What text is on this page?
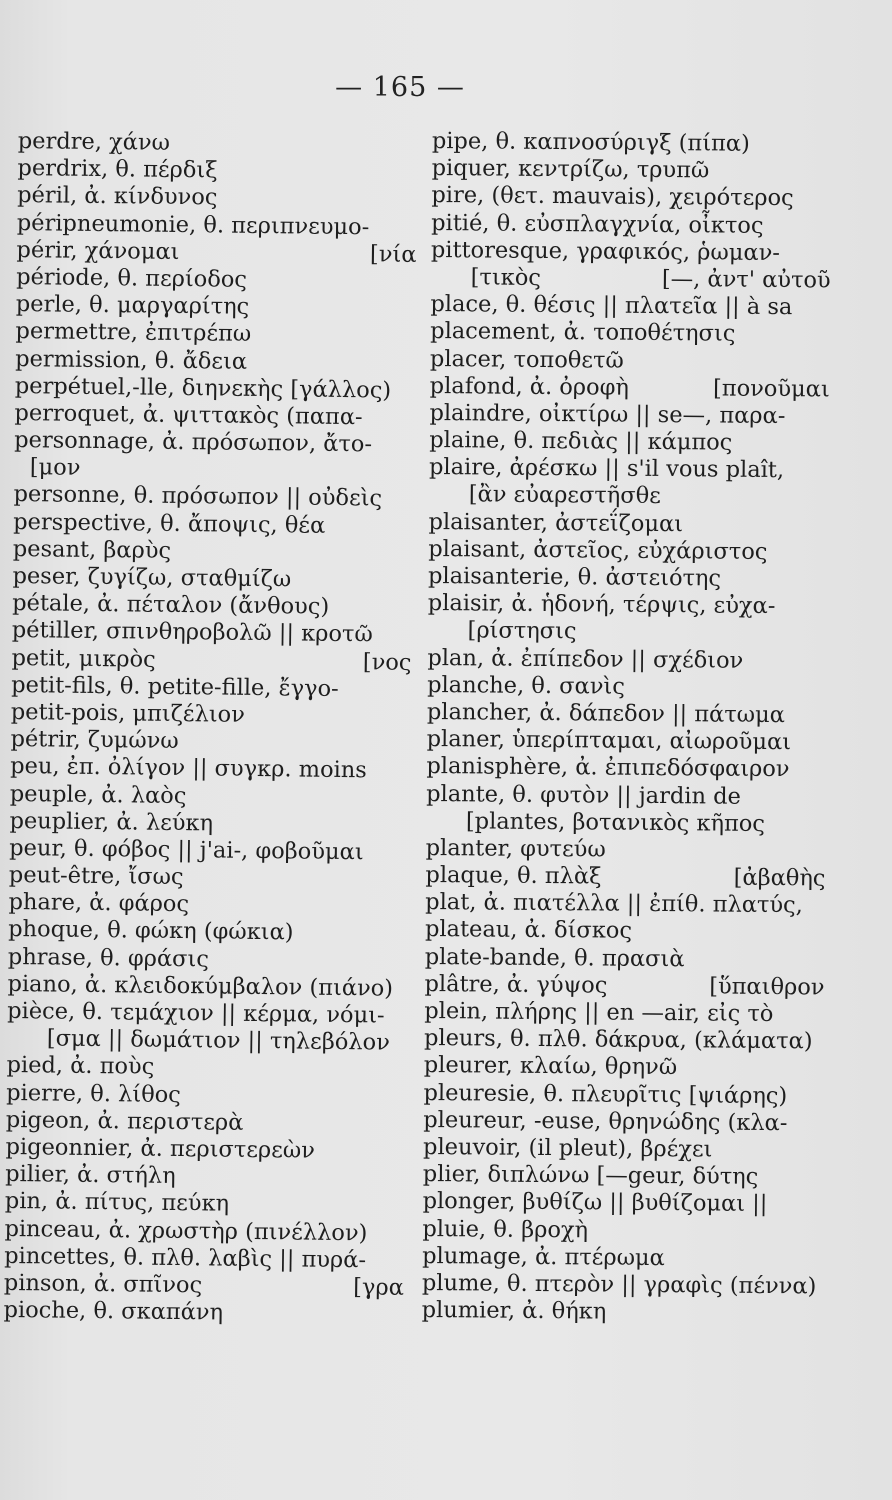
— 165 —
perdre, χάνω
perdrix, θ. πέρδιξ
péril, ἀ. κίνδυνος
péripneumonie, θ. περιπνευμο-
[νία
périr, χάνομαι
période, θ. περίοδος
perle, θ. μαργαρίτης
permettre, ἐπιτρέπω
permission, θ. ἄδεια
perpétuel,-lle, διηνεκὴς [γάλλος)
perroquet, ἀ. ψιττακὸς (παπα-
personnage, ἀ. πρόσωπον, ἄτο-
[μον
personne, θ. πρόσωπον || οὐδεὶς
perspective, θ. ἄποψις, θέα
pesant, βαρὺς
peser, ζυγίζω, σταθμίζω
pétale, ἀ. πέταλον (ἄνθους)
pétiller, σπινθηροβολῶ || κροτῶ
[νος
petit, μικρὸς
petit-fils, θ. petite-fille, ἔγγο-
petit-pois, μπιζέλιον
pétrir, ζυμώνω
peu, ἐπ. ὀλίγον || συγκρ. moins
peuple, ἀ. λαὸς
peuplier, ἀ. λεύκη
peur, θ. φόβος || j'ai-, φοβοῦμαι
peut-être, ἴσως
phare, ἀ. φάρος
phoque, θ. φώκη (φώκια)
phrase, θ. φράσις
piano, ἀ. κλειδοκύμβαλον (πιάνο)
pièce, θ. τεμάχιον || κέρμα, νόμι-
[σμα || δωμάτιον || τηλεβόλον
pied, ἀ. ποὺς
pierre, θ. λίθος
pigeon, ἀ. περιστερὰ
pigeonnier, ἀ. περιστερεὼν
pilier, ἀ. στήλη
pin, ἀ. πίτυς, πεύκη
pinceau, ἀ. χρωστὴρ (πινέλλον)
pincettes, θ. πλθ. λαβὶς || πυρά-
[γρα
pinson, ἀ. σπῖνος
pioche, θ. σκαπάνη
pipe, θ. καπνοσύριγξ (πίπα)
piquer, κεντρίζω, τρυπῶ
pire, (θετ. mauvais), χειρότερος
pitié, θ. εὐσπλαγχνία, οἶκτος
pittoresque, γραφικός, ῥωμαν-
[—, ἀντ' αὐτοῦ
[τικὸς
place, θ. θέσις || πλατεῖα || à sa
placement, ἀ. τοποθέτησις
placer, τοποθετῶ
[πονοῦμαι
plafond, ἀ. ὀροφὴ
plaindre, οἰκτίρω || se—, παρα-
plaine, θ. πεδιὰς || κάμπος
plaire, ἀρέσκω || s'il vous plaît,
[ἂν εὐαρεστῆσθε
plaisanter, ἀστεΐζομαι
plaisant, ἀστεῖος, εὐχάριστος
plaisanterie, θ. ἀστειότης
plaisir, ἀ. ἡδονή, τέρψις, εὐχα-
[ρίστησις
plan, ἀ. ἐπίπεδον || σχέδιον
planche, θ. σανὶς
plancher, ἀ. δάπεδον || πάτωμα
planer, ὑπερίπταμαι, αἰωροῦμαι
planisphère, ἀ. ἐπιπεδόσφαιρον
plante, θ. φυτὸν || jardin de
[plantes, βοτανικὸς κῆπος
planter, φυτεύω
[ἀβαθὴς
plaque, θ. πλὰξ
plat, ἀ. πιατέλλα || ἐπίθ. πλατύς,
plateau, ἀ. δίσκος
plate-bande, θ. πρασιὰ
[ὕπαιθρον
plâtre, ἀ. γύψος
plein, πλήρης || en —air, εἰς τὸ
pleurs, θ. πλθ. δάκρυα, (κλάματα)
pleurer, κλαίω, θρηνῶ
pleuresie, θ. πλευρῖτις [ψιάρης)
pleureur, -euse, θρηνώδης (κλα-
pleuvoir, (il pleut), βρέχει
plier, διπλώνω [—geur, δύτης
plonger, βυθίζω || βυθίζομαι ||
pluie, θ. βροχὴ
plumage, ἀ. πτέρωμα
plume, θ. πτερὸν || γραφὶς (πέννα)
plumier, ἀ. θήκη
